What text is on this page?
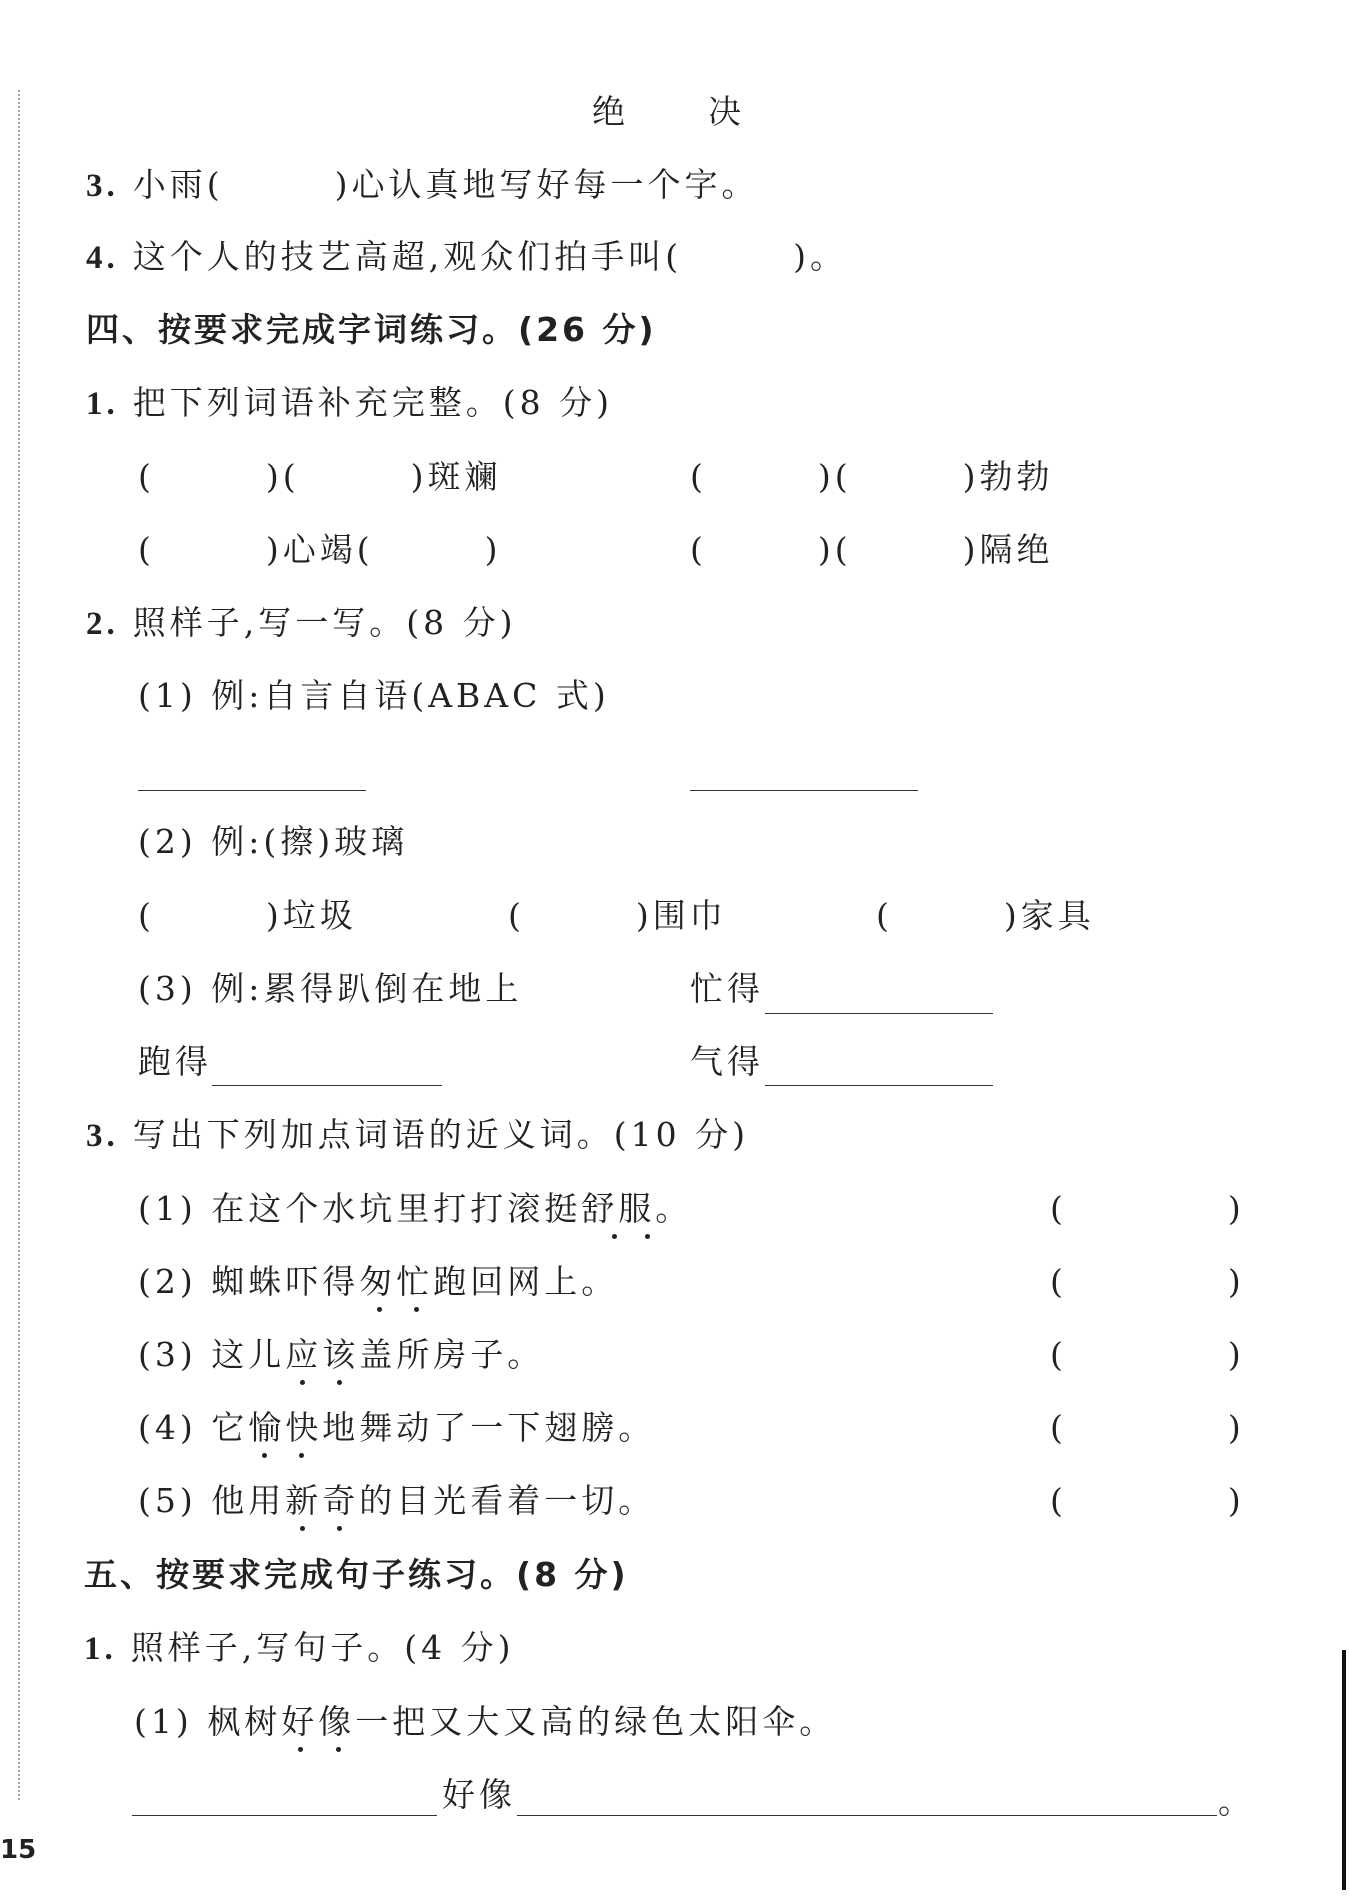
绝 决
3. 小雨(　　　)心认真地写好每一个字。
4. 这个人的技艺高超,观众们拍手叫(　　　)。
四、按要求完成字词练习。(26 分)
1. 把下列词语补充完整。(8 分)
(　　　)(　　　)斑斓	(　　　)(　　　)勃勃
(　　　)心竭(　　　)	(　　　)(　　　)隔绝
2. 照样子,写一写。(8 分)
(1) 例:自言自语(ABAC 式)
(2) 例:(擦)玻璃
(　　　)垃圾	(　　　)围巾	(　　　)家具
(3) 例:累得趴倒在地上	忙得
跑得	气得
3. 写出下列加点词语的近义词。(10 分)
(1) 在这个水坑里打打滚挺舒服。	(　　　　　)
(2) 蜘蛛吓得匆忙跑回网上。	(　　　　　)
(3) 这儿应该盖所房子。	(　　　　　)
(4) 它愉快地舞动了一下翅膀。	(　　　　　)
(5) 他用新奇的目光看着一切。	(　　　　　)
五、按要求完成句子练习。(8 分)
1. 照样子,写句子。(4 分)
(1) 枫树好像一把又大又高的绿色太阳伞。
好像	。
15
